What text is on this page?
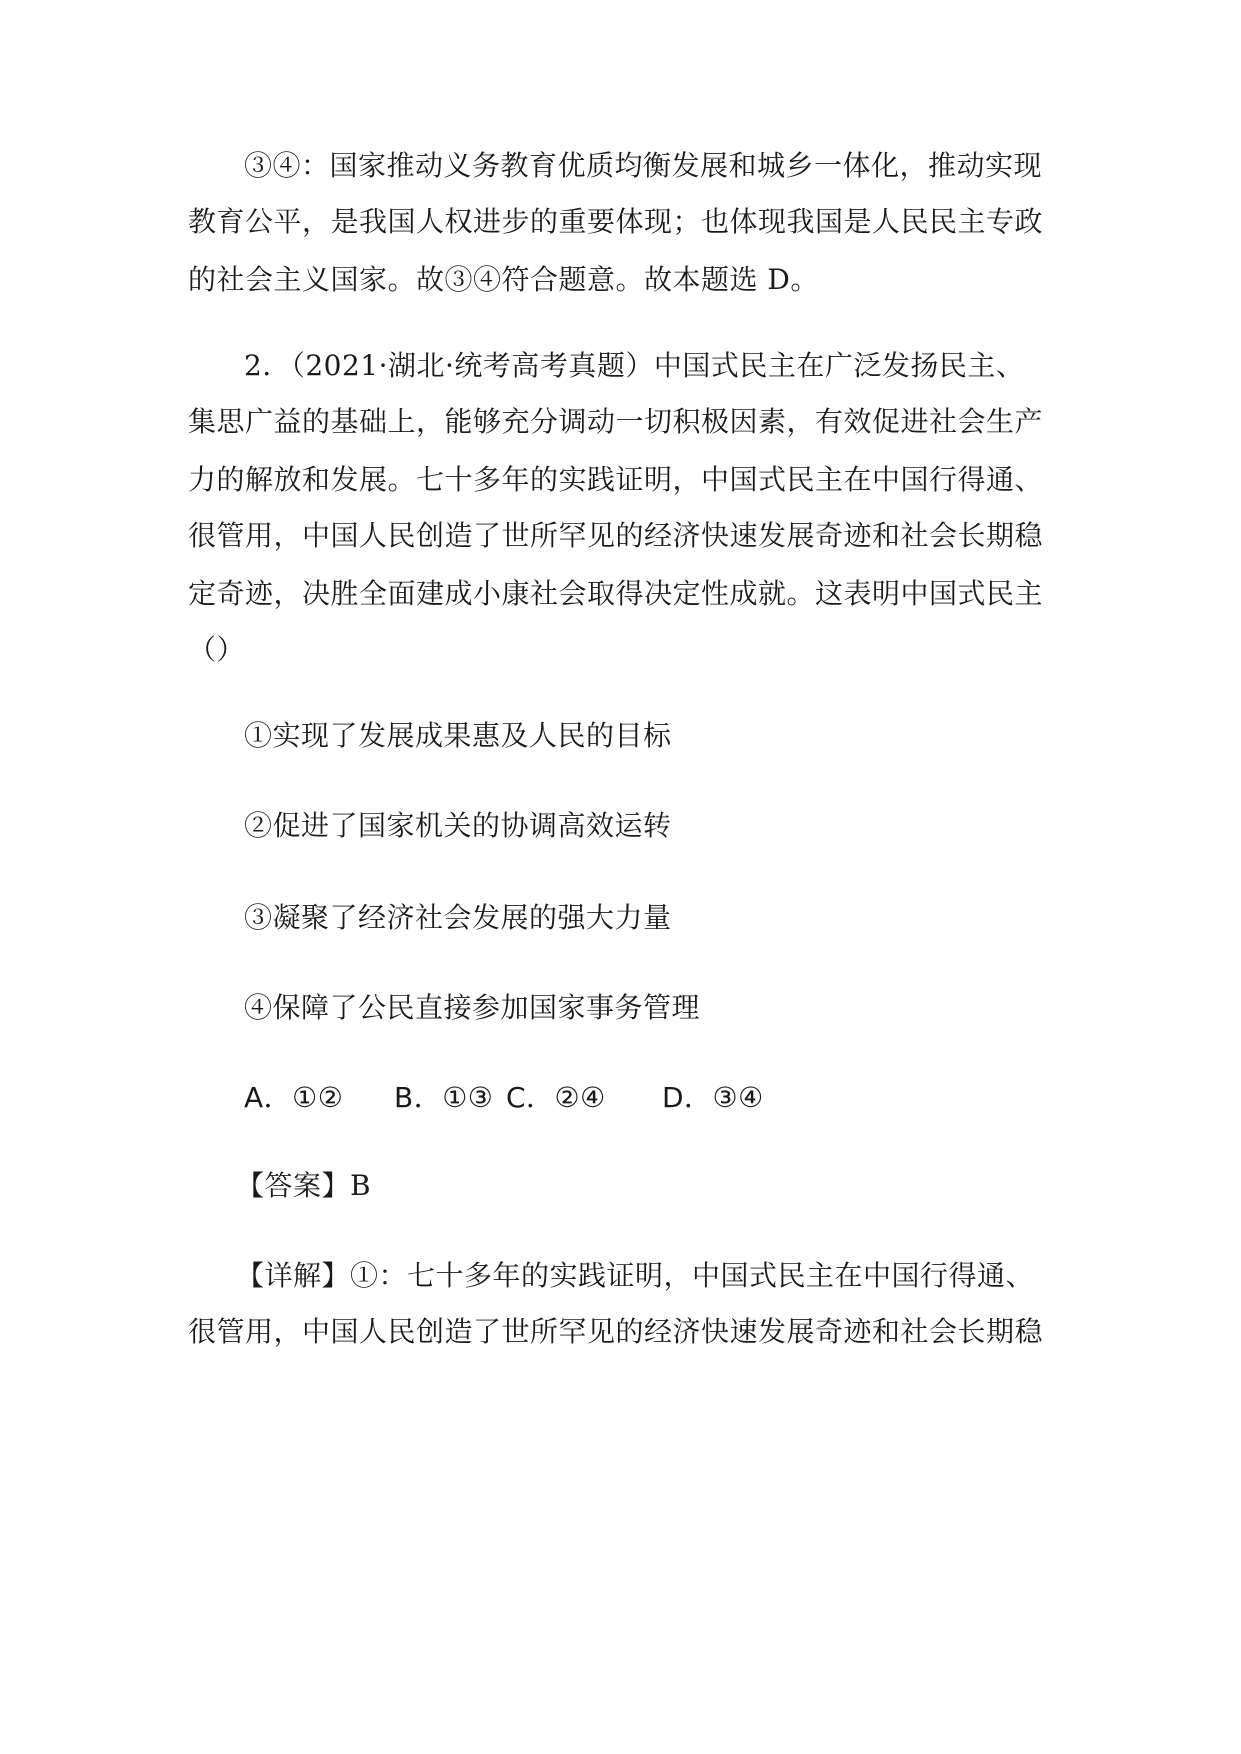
③④：国家推动义务教育优质均衡发展和城乡一体化，推动实现
教育公平，是我国人权进步的重要体现；也体现我国是人民民主专政
的社会主义国家。故③④符合题意。故本题选 D。
2．（2021·湖北·统考高考真题）中国式民主在广泛发扬民主、
集思广益的基础上，能够充分调动一切积极因素，有效促进社会生产
力的解放和发展。七十多年的实践证明，中国式民主在中国行得通、
很管用，中国人民创造了世所罕见的经济快速发展奇迹和社会长期稳
定奇迹，决胜全面建成小康社会取得决定性成就。这表明中国式民主
（）
①实现了发展成果惠及人民的目标
②促进了国家机关的协调高效运转
③凝聚了经济社会发展的强大力量
④保障了公民直接参加国家事务管理
A．①② B．①③ C．②④ D．③④
【答案】B
【详解】①：七十多年的实践证明，中国式民主在中国行得通、
很管用，中国人民创造了世所罕见的经济快速发展奇迹和社会长期稳
